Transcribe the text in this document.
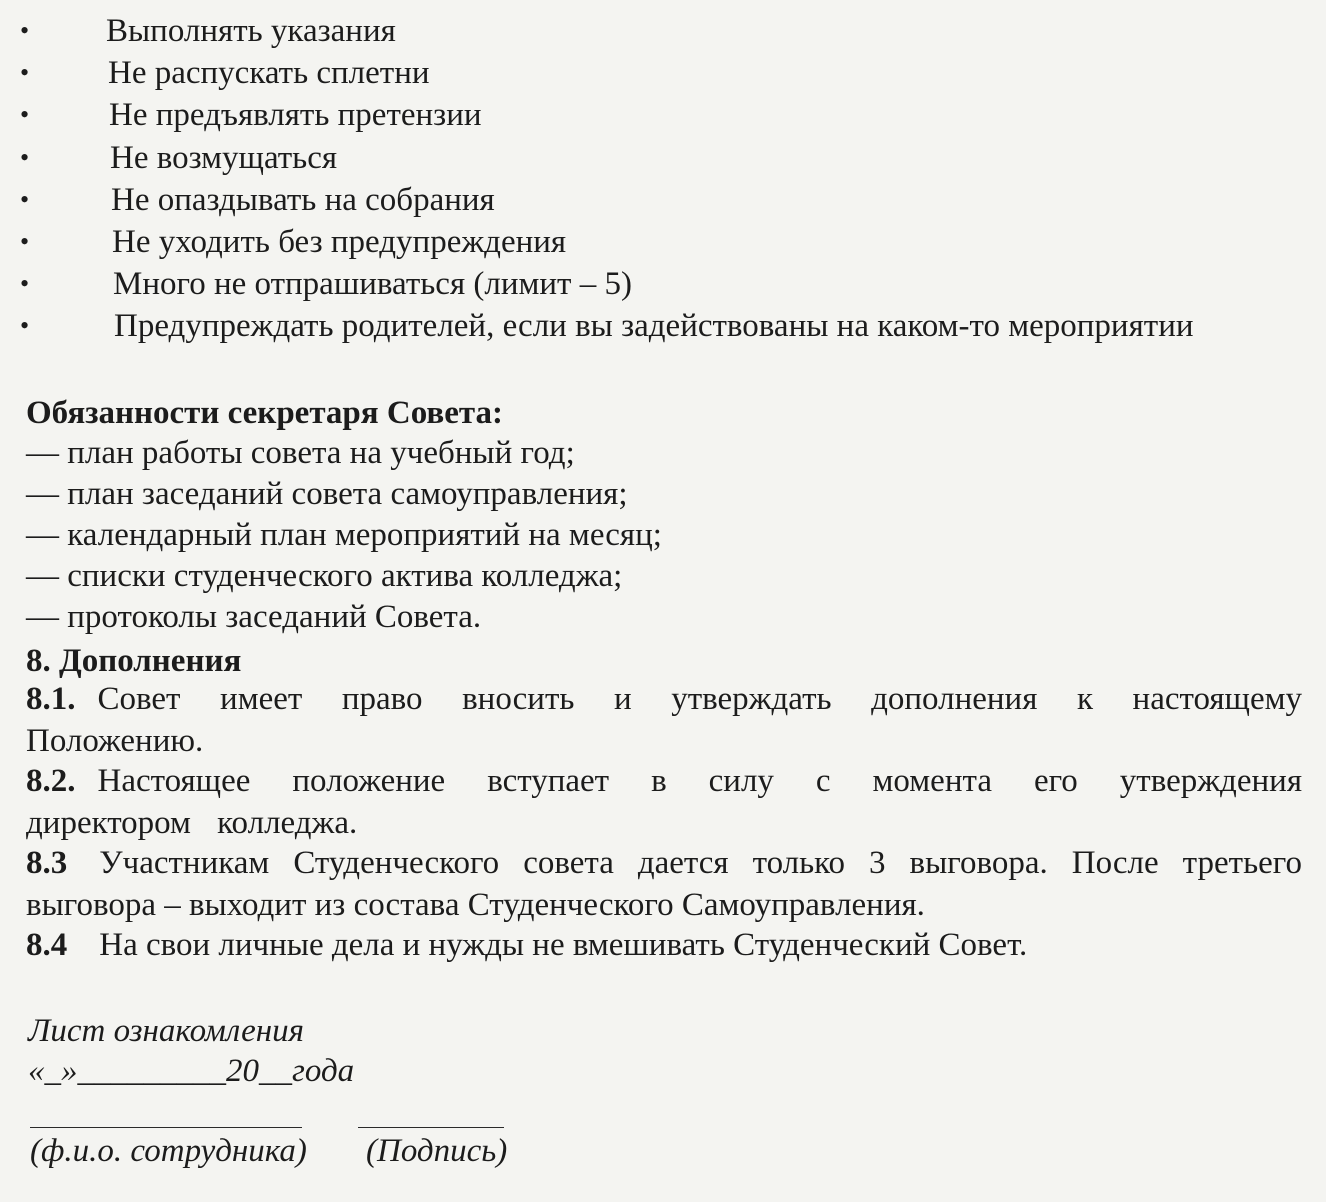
• Выполнять указания
• Не распускать сплетни
• Не предъявлять претензии
• Не возмущаться
• Не опаздывать на собрания
•	Не уходить без предупреждения
•	Много не отпрашиваться (лимит – 5)
•	Предупреждать родителей, если вы задействованы на каком-то мероприятии
Обязанности секретаря Совета:
— план работы совета на учебный год;
— план заседаний совета самоуправления;
— календарный план мероприятий на месяц;
— списки студенческого актива колледжа;
— протоколы заседаний Совета.
8. Дополнения
8.1. Совет имеет право вносить и утверждать дополнения к настоящему Положению.
8.2. Настоящее положение вступает в силу с момента его утверждения директором колледжа.
8.3 Участникам Студенческого совета дается только 3 выговора. После третьего выговора – выходит из состава Студенческого Самоуправления.
8.4 На свои личные дела и нужды не вмешивать Студенческий Совет.
Лист ознакомления
«_»_________20__года
(ф.и.о. сотрудника) (Подпись)
